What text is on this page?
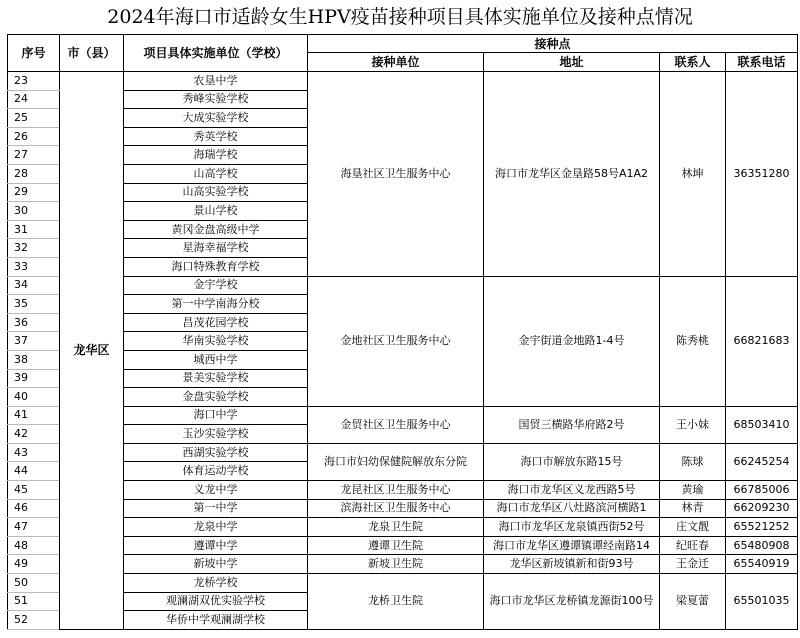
2024年海口市适龄女生HPV疫苗接种项目具体实施单位及接种点情况
序号	市（县）	项目具体实施单位（学校）	接种点			
			接种单位	地址	联系人	联系电话
23	龙华区	农垦中学	海垦社区卫生服务中心	海口市龙华区金垦路58号A1A2	林坤	36351280
24		秀峰实验学校				
25		大成实验学校				
26		秀英学校				
27		海瑞学校				
28		山高学校				
29		山高实验学校				
30		景山学校				
31		黄冈金盘高级中学				
32		星海幸福学校				
33		海口特殊教育学校				
34		金宇学校	金地社区卫生服务中心	金宇街道金地路1-4号	陈秀桃	66821683
35		第一中学南海分校				
36		昌茂花园学校				
37		华南实验学校				
38		城西中学				
39		景美实验学校				
40		金盘实验学校				
41		海口中学	金贸社区卫生服务中心	国贸三横路华府路2号	王小妹	68503410
42		玉沙实验学校				
43		西湖实验学校	海口市妇幼保健院解放东分院	海口市解放东路15号	陈球	66245254
44		体育运动学校				
45		义龙中学	龙昆社区卫生服务中心	海口市龙华区义龙西路5号	黄瑜	66785006
46		第一中学	滨海社区卫生服务中心	海口市龙华区八灶路滨河横路1	林青	66209230
47		龙泉中学	龙泉卫生院	海口市龙华区龙泉镇西街52号	庄文靓	65521252
48		遵谭中学	遵谭卫生院	海口市龙华区遵谭镇谭经南路14	纪旺春	65480908
49		新坡中学	新坡卫生院	龙华区新坡镇新和街93号	王金迁	65540919
50		龙桥学校	龙桥卫生院	海口市龙华区龙桥镇龙源街100号	梁夏蕾	65501035
51		观澜湖双优实验学校				
52		华侨中学观澜湖学校				
